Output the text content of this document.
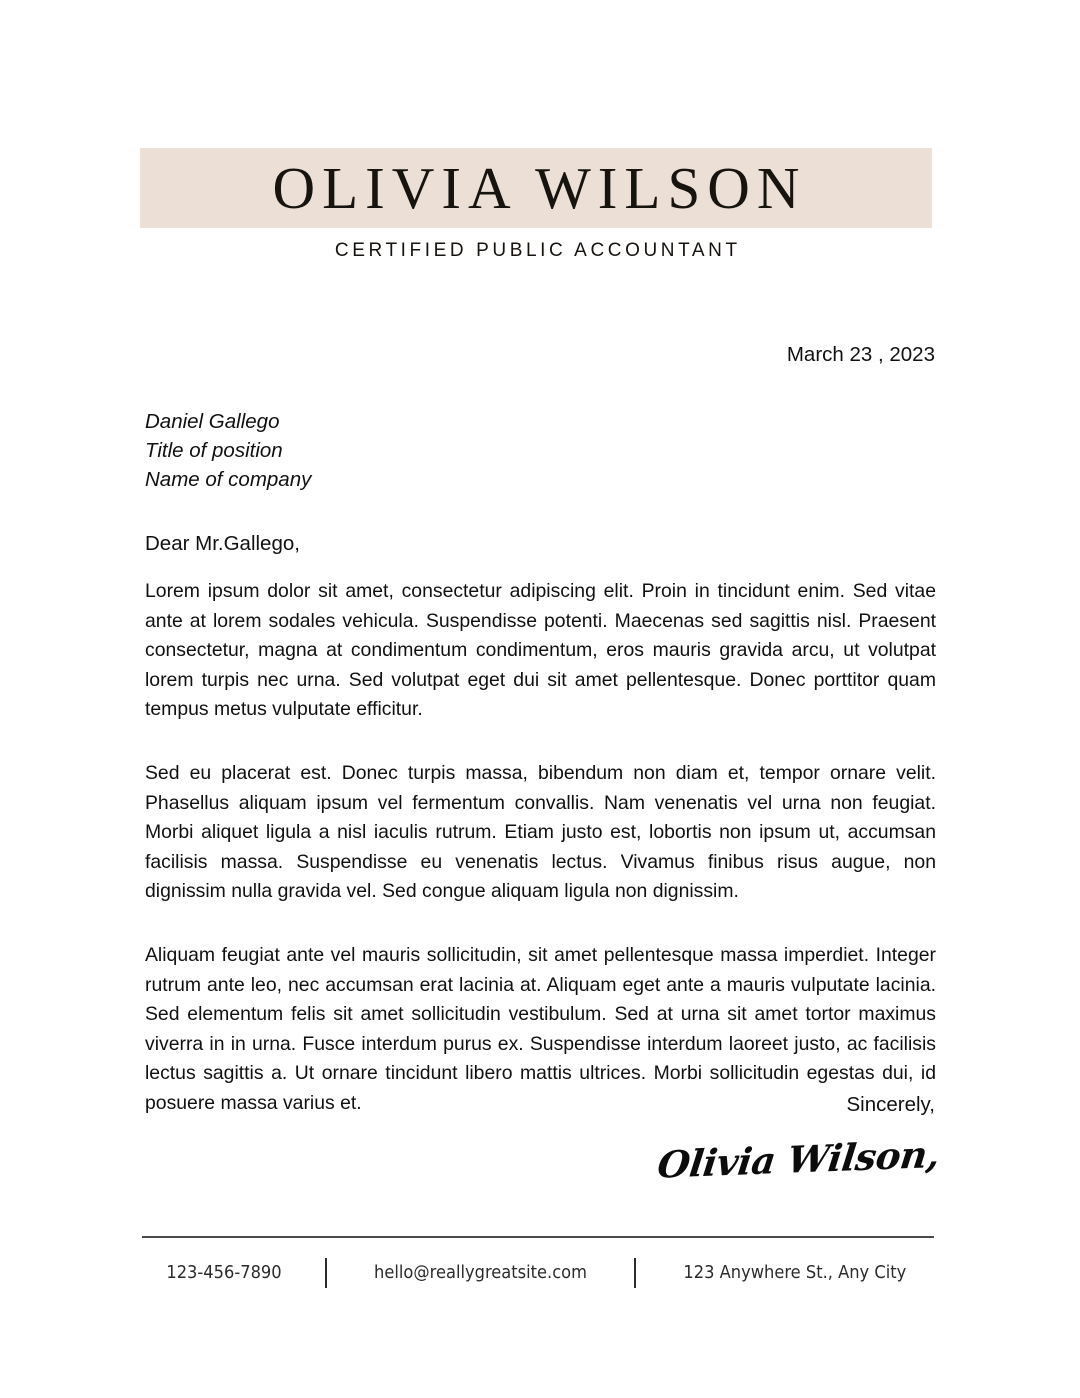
OLIVIA WILSON
CERTIFIED PUBLIC ACCOUNTANT
March 23 , 2023
Daniel Gallego
Title of position
Name of company
Dear Mr.Gallego,

Lorem ipsum dolor sit amet, consectetur adipiscing elit. Proin in tincidunt enim. Sed vitae ante at lorem sodales vehicula. Suspendisse potenti. Maecenas sed sagittis nisl. Praesent consectetur, magna at condimentum condimentum, eros mauris gravida arcu, ut volutpat lorem turpis nec urna. Sed volutpat eget dui sit amet pellentesque. Donec porttitor quam tempus metus vulputate efficitur.

Sed eu placerat est. Donec turpis massa, bibendum non diam et, tempor ornare velit. Phasellus aliquam ipsum vel fermentum convallis. Nam venenatis vel urna non feugiat. Morbi aliquet ligula a nisl iaculis rutrum. Etiam justo est, lobortis non ipsum ut, accumsan facilisis massa. Suspendisse eu venenatis lectus. Vivamus finibus risus augue, non dignissim nulla gravida vel. Sed congue aliquam ligula non dignissim.

Aliquam feugiat ante vel mauris sollicitudin, sit amet pellentesque massa imperdiet. Integer rutrum ante leo, nec accumsan erat lacinia at. Aliquam eget ante a mauris vulputate lacinia. Sed elementum felis sit amet sollicitudin vestibulum. Sed at urna sit amet tortor maximus viverra in in urna. Fusce interdum purus ex. Suspendisse interdum laoreet justo, ac facilisis lectus sagittis a. Ut ornare tincidunt libero mattis ultrices. Morbi sollicitudin egestas dui, id posuere massa varius et.	Sincerely,
Olivia Wilson,
123-456-7890	hello@reallygreatsite.com	123 Anywhere St., Any City
